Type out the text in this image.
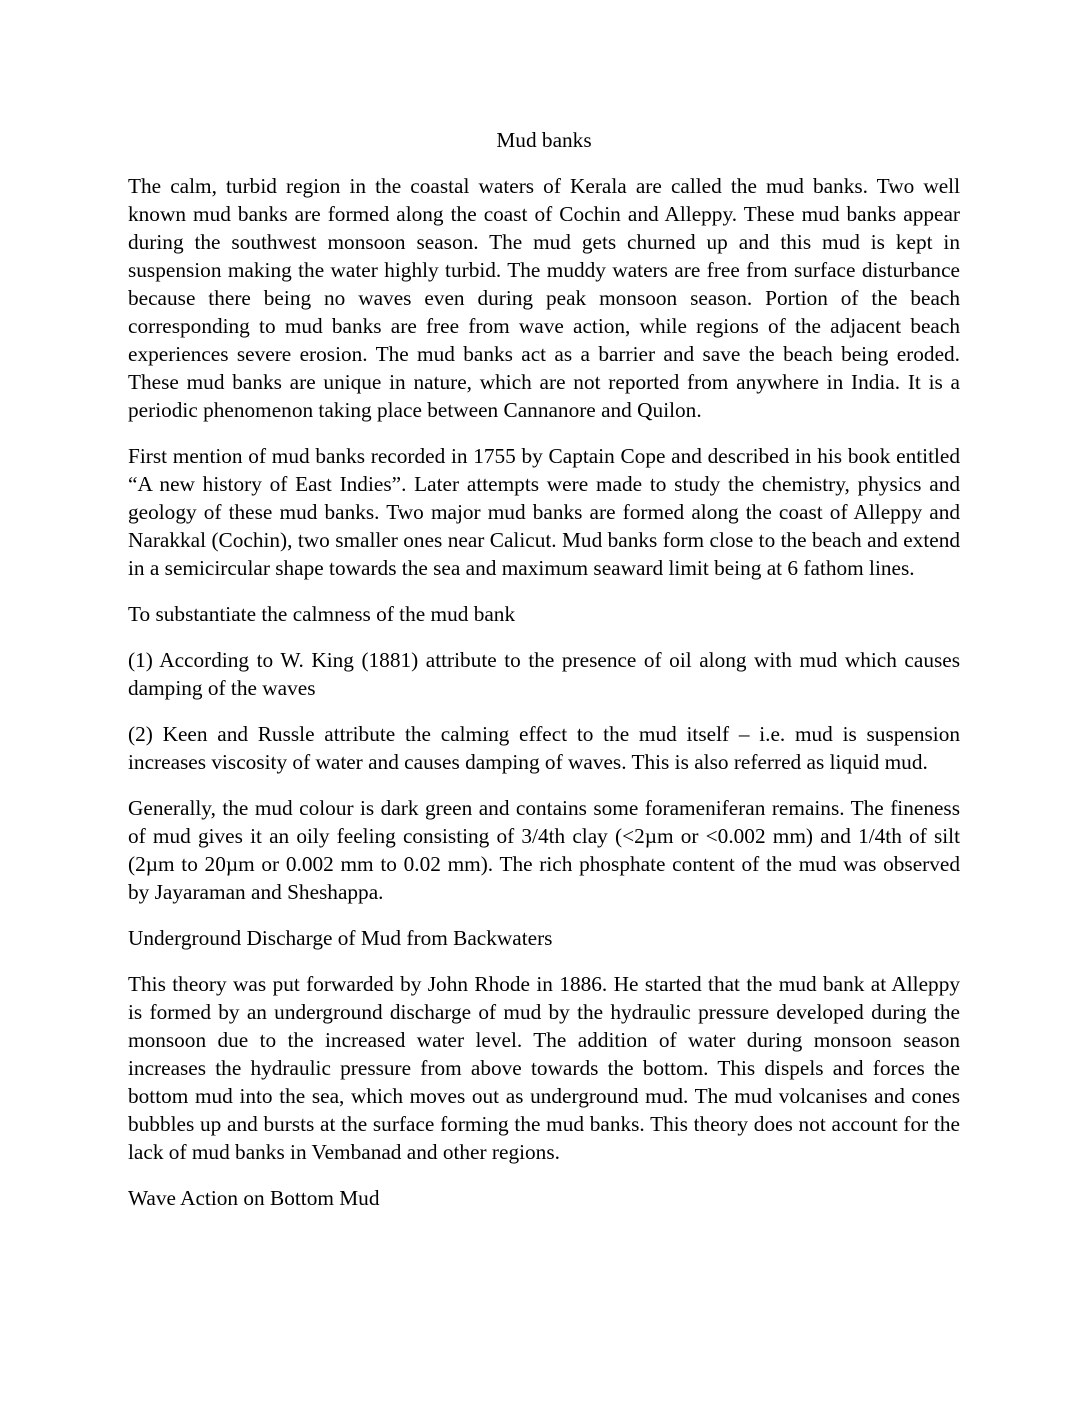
Mud banks

The calm, turbid region in the coastal waters of Kerala are called the mud banks. Two well known mud banks are formed along the coast of Cochin and Alleppy. These mud banks appear during the southwest monsoon season. The mud gets churned up and this mud is kept in suspension making the water highly turbid. The muddy waters are free from surface disturbance because there being no waves even during peak monsoon season. Portion of the beach corresponding to mud banks are free from wave action, while regions of the adjacent beach experiences severe erosion. The mud banks act as a barrier and save the beach being eroded. These mud banks are unique in nature, which are not reported from anywhere in India. It is a periodic phenomenon taking place between Cannanore and Quilon.

First mention of mud banks recorded in 1755 by Captain Cope and described in his book entitled “A new history of East Indies”. Later attempts were made to study the chemistry, physics and geology of these mud banks. Two major mud banks are formed along the coast of Alleppy and Narakkal (Cochin), two smaller ones near Calicut. Mud banks form close to the beach and extend in a semicircular shape towards the sea and maximum seaward limit being at 6 fathom lines.

To substantiate the calmness of the mud bank

(1) According to W. King (1881) attribute to the presence of oil along with mud which causes damping of the waves

(2) Keen and Russle attribute the calming effect to the mud itself – i.e. mud is suspension increases viscosity of water and causes damping of waves. This is also referred as liquid mud.

Generally, the mud colour is dark green and contains some forameniferan remains. The fineness of mud gives it an oily feeling consisting of 3/4th clay (<2µm or <0.002 mm) and 1/4th of silt (2µm to 20µm or 0.002 mm to 0.02 mm). The rich phosphate content of the mud was observed by Jayaraman and Sheshappa.

Underground Discharge of Mud from Backwaters

This theory was put forwarded by John Rhode in 1886. He started that the mud bank at Alleppy is formed by an underground discharge of mud by the hydraulic pressure developed during the monsoon due to the increased water level. The addition of water during monsoon season increases the hydraulic pressure from above towards the bottom. This dispels and forces the bottom mud into the sea, which moves out as underground mud. The mud volcanises and cones bubbles up and bursts at the surface forming the mud banks. This theory does not account for the lack of mud banks in Vembanad and other regions.

Wave Action on Bottom Mud
